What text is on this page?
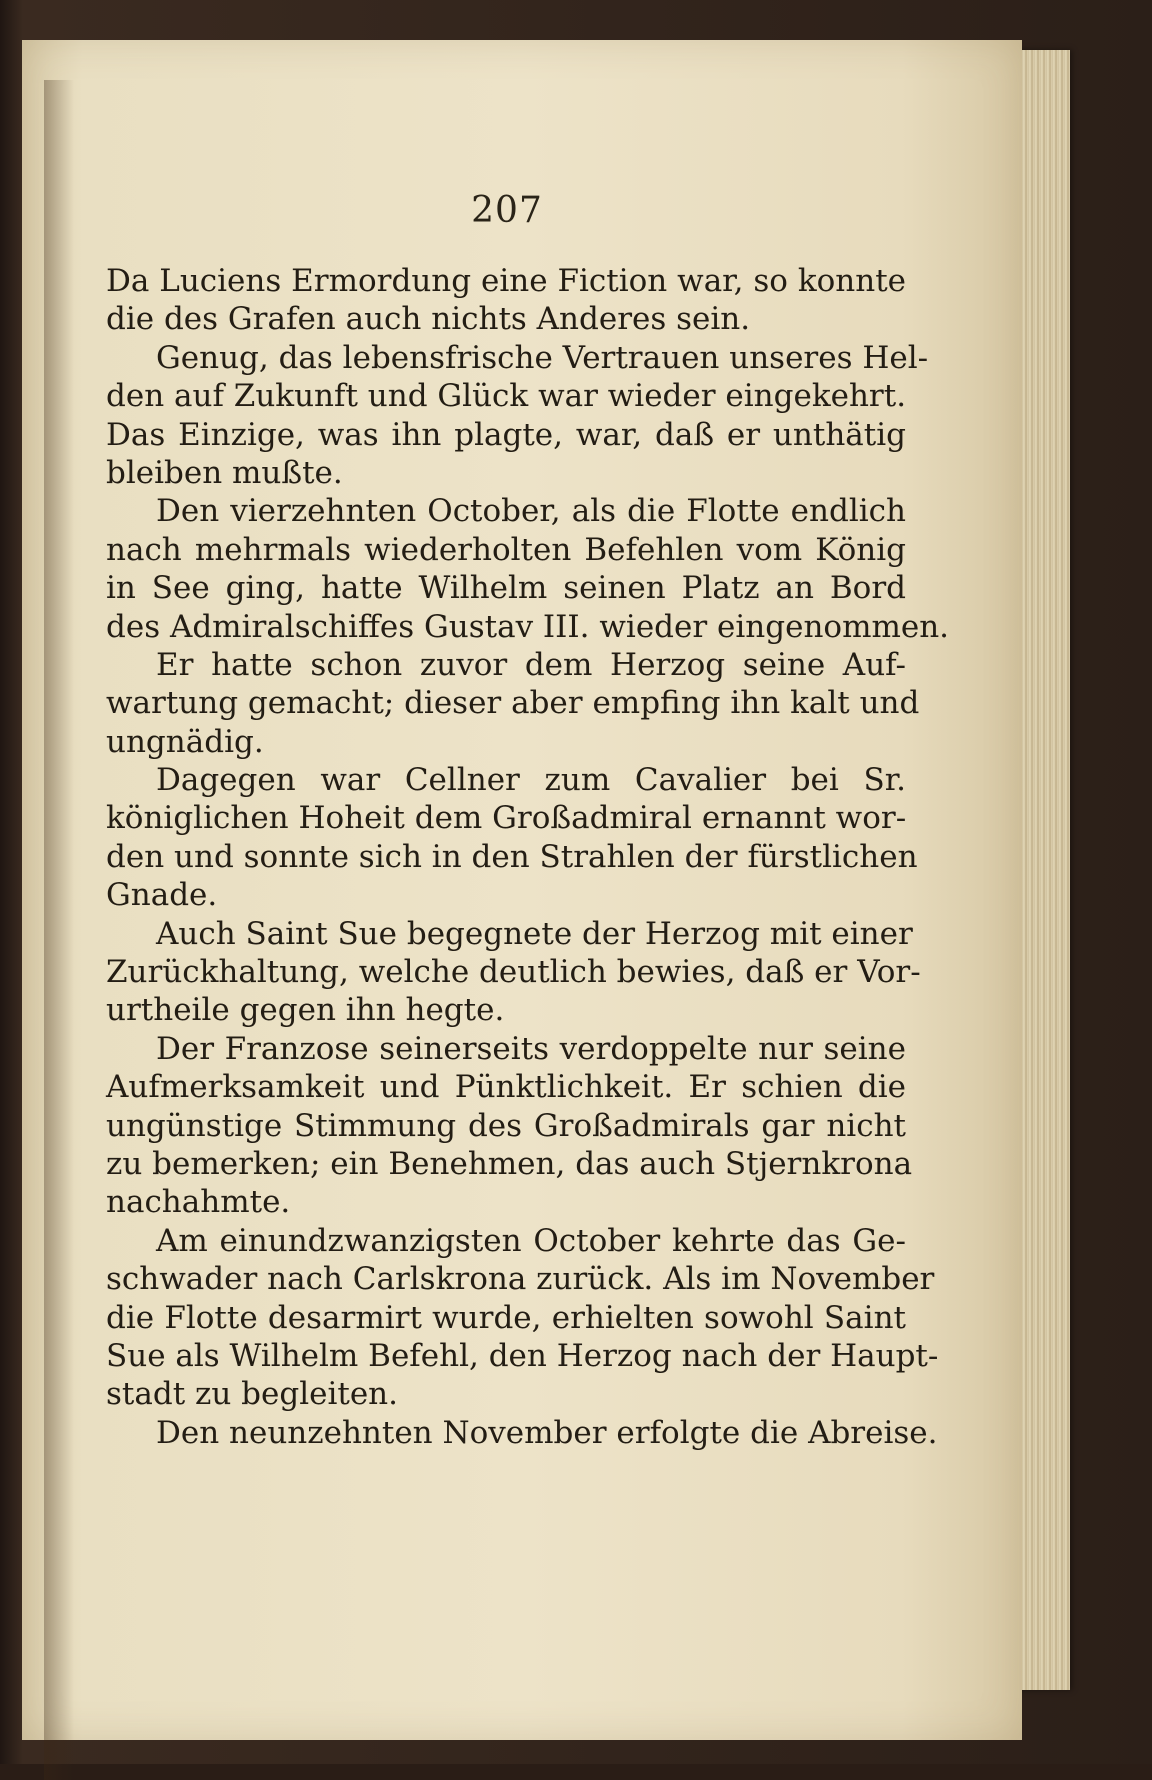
207
Da Luciens Ermordung eine Fiction war, so konnte
die des Grafen auch nichts Anderes sein.
Genug, das lebensfrische Vertrauen unseres Hel-
den auf Zukunft und Glück war wieder eingekehrt.
Das Einzige, was ihn plagte, war, daß er unthätig
bleiben mußte.
Den vierzehnten October, als die Flotte endlich
nach mehrmals wiederholten Befehlen vom König
in See ging, hatte Wilhelm seinen Platz an Bord
des Admiralschiffes Gustav III. wieder eingenommen.
Er hatte schon zuvor dem Herzog seine Auf-
wartung gemacht; dieser aber empfing ihn kalt und
ungnädig.
Dagegen war Cellner zum Cavalier bei Sr.
königlichen Hoheit dem Großadmiral ernannt wor-
den und sonnte sich in den Strahlen der fürstlichen
Gnade.
Auch Saint Sue begegnete der Herzog mit einer
Zurückhaltung, welche deutlich bewies, daß er Vor-
urtheile gegen ihn hegte.
Der Franzose seinerseits verdoppelte nur seine
Aufmerksamkeit und Pünktlichkeit. Er schien die
ungünstige Stimmung des Großadmirals gar nicht
zu bemerken; ein Benehmen, das auch Stjernkrona
nachahmte.
Am einundzwanzigsten October kehrte das Ge-
schwader nach Carlskrona zurück. Als im November
die Flotte desarmirt wurde, erhielten sowohl Saint
Sue als Wilhelm Befehl, den Herzog nach der Haupt-
stadt zu begleiten.
Den neunzehnten November erfolgte die Abreise.
